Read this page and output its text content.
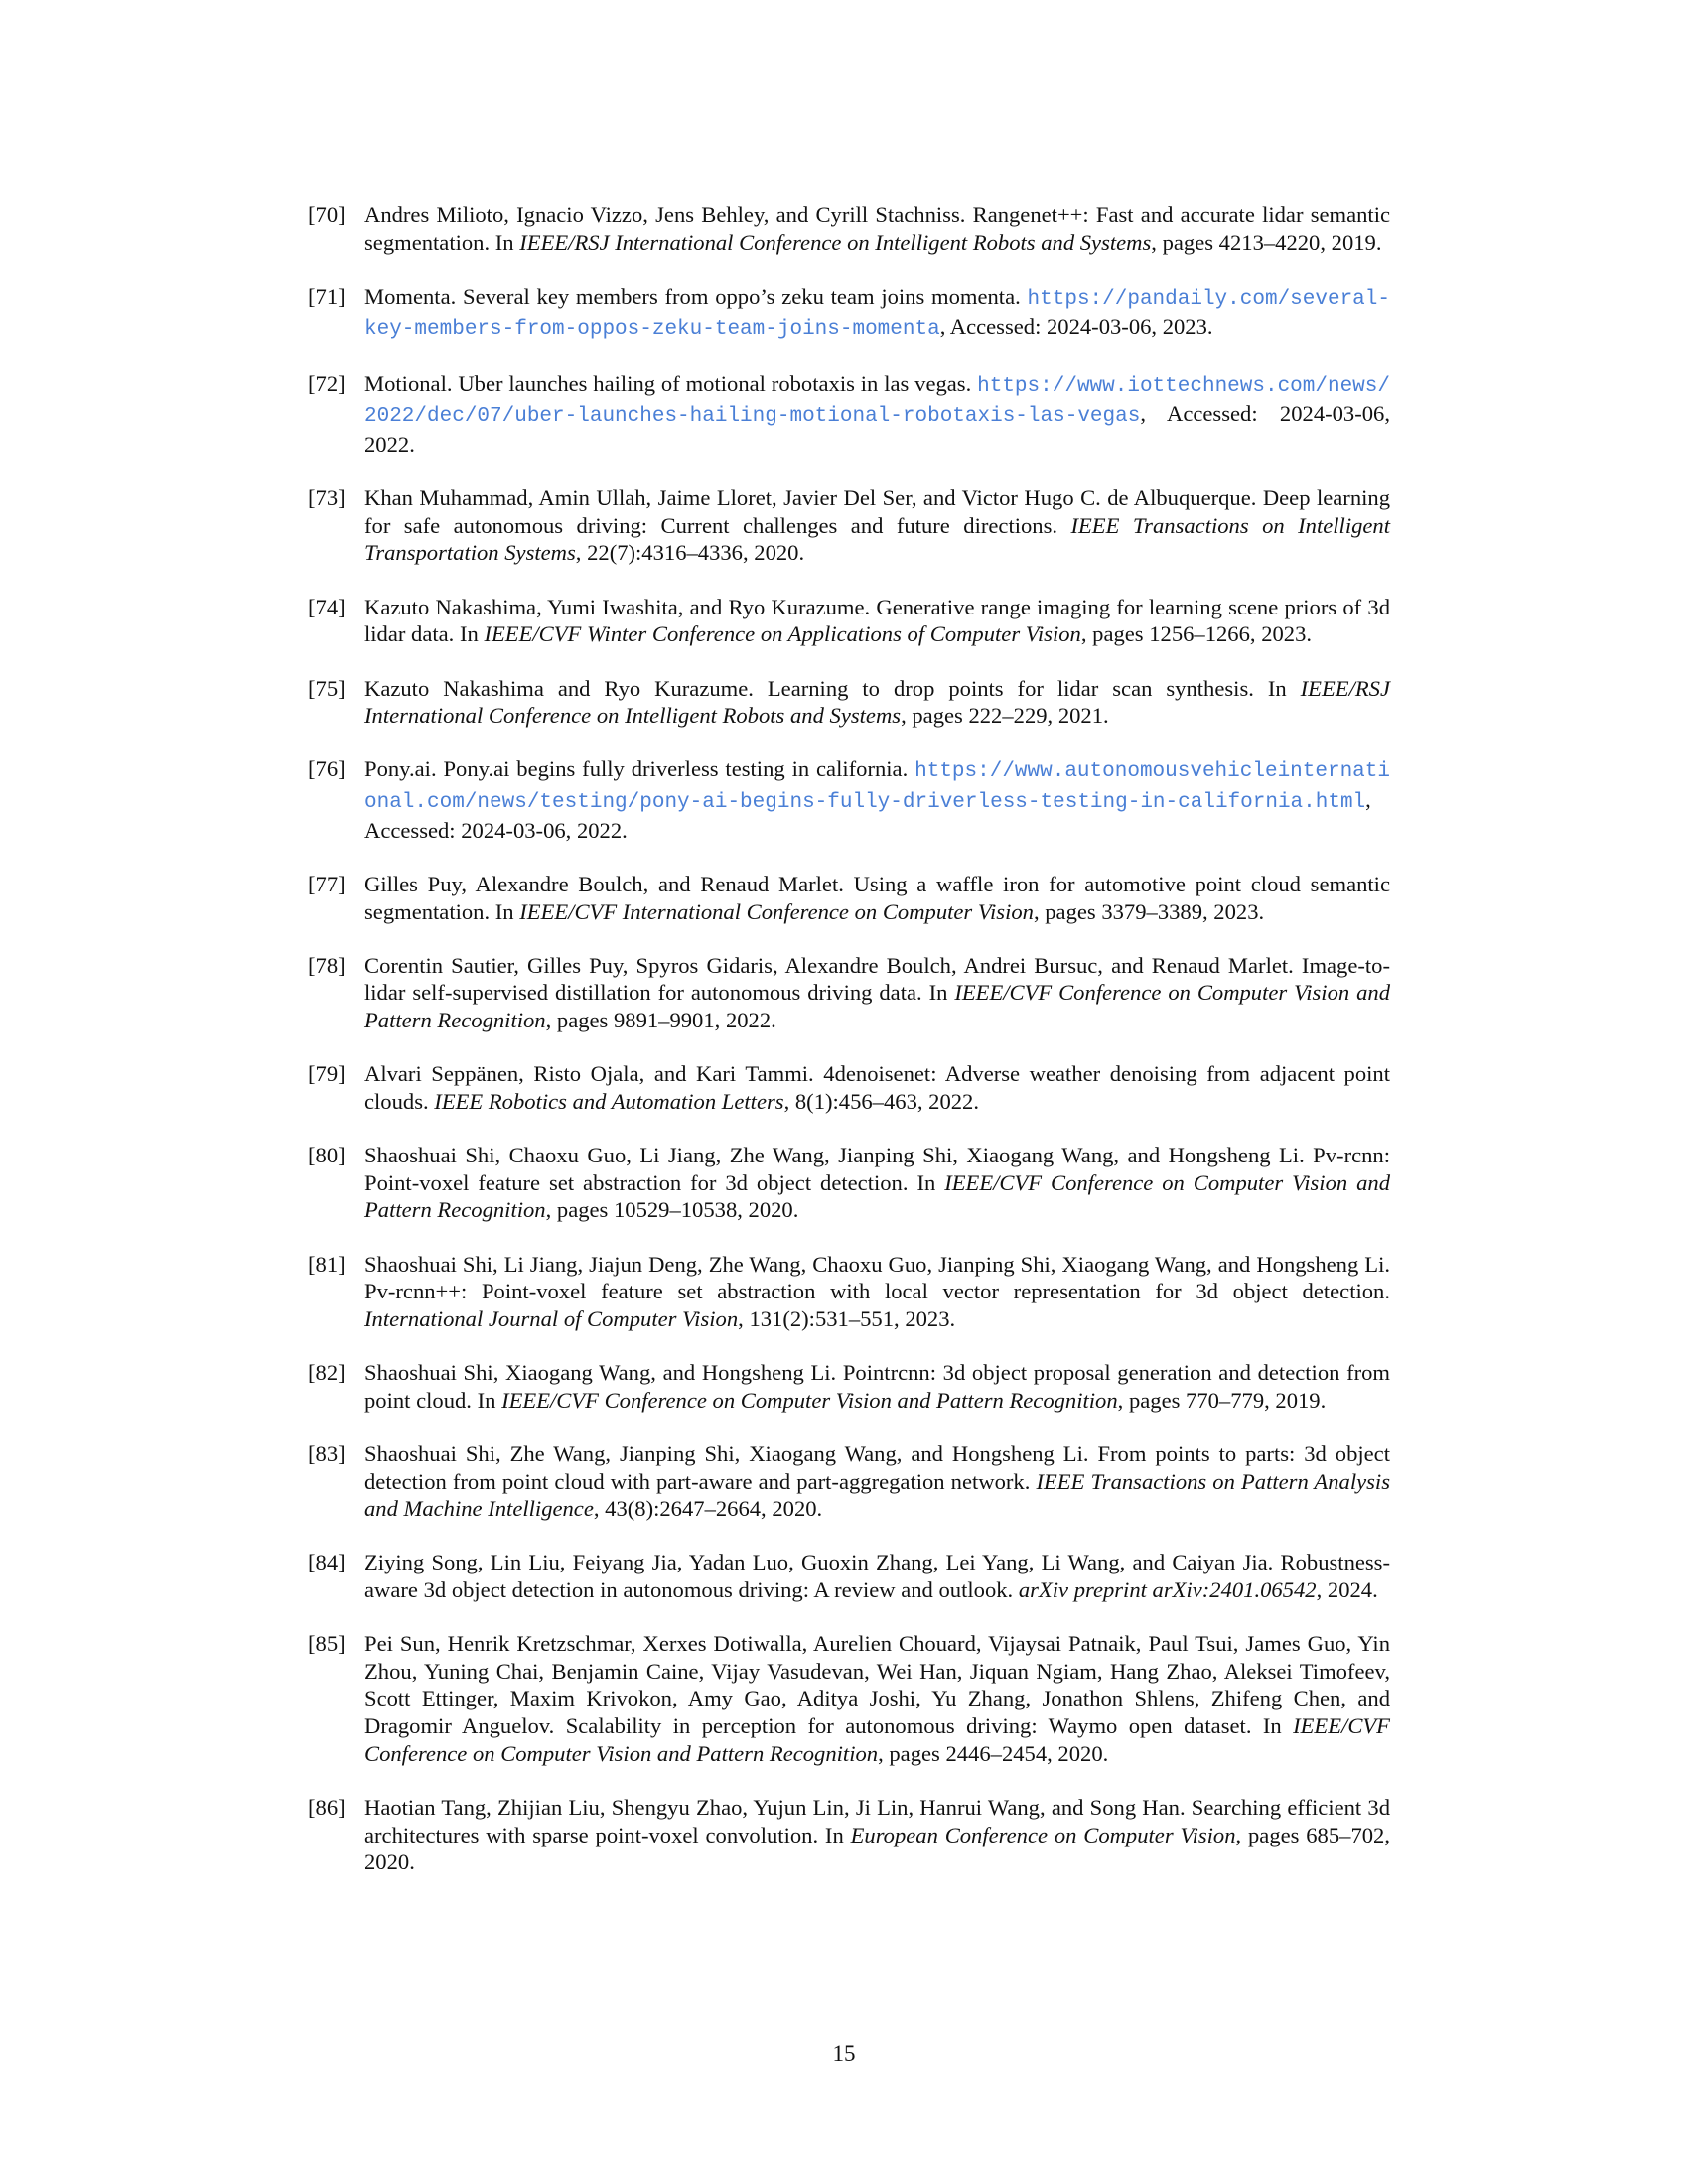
[70] Andres Milioto, Ignacio Vizzo, Jens Behley, and Cyrill Stachniss. Rangenet++: Fast and accurate lidar semantic segmentation. In IEEE/RSJ International Conference on Intelligent Robots and Systems, pages 4213–4220, 2019.
[71] Momenta. Several key members from oppo’s zeku team joins momenta. https://pandaily.com/several-key-members-from-oppos-zeku-team-joins-momenta, Accessed: 2024-03-06, 2023.
[72] Motional. Uber launches hailing of motional robotaxis in las vegas. https://www.iottechnews.com/news/2022/dec/07/uber-launches-hailing-motional-robotaxis-las-vegas, Accessed: 2024-03-06, 2022.
[73] Khan Muhammad, Amin Ullah, Jaime Lloret, Javier Del Ser, and Victor Hugo C. de Albuquerque. Deep learning for safe autonomous driving: Current challenges and future directions. IEEE Transactions on Intelligent Transportation Systems, 22(7):4316–4336, 2020.
[74] Kazuto Nakashima, Yumi Iwashita, and Ryo Kurazume. Generative range imaging for learning scene priors of 3d lidar data. In IEEE/CVF Winter Conference on Applications of Computer Vision, pages 1256–1266, 2023.
[75] Kazuto Nakashima and Ryo Kurazume. Learning to drop points for lidar scan synthesis. In IEEE/RSJ International Conference on Intelligent Robots and Systems, pages 222–229, 2021.
[76] Pony.ai. Pony.ai begins fully driverless testing in california. https://www.autonomousvehicleinternational.com/news/testing/pony-ai-begins-fully-driverless-testing-in-california.html, Accessed: 2024-03-06, 2022.
[77] Gilles Puy, Alexandre Boulch, and Renaud Marlet. Using a waffle iron for automotive point cloud semantic segmentation. In IEEE/CVF International Conference on Computer Vision, pages 3379–3389, 2023.
[78] Corentin Sautier, Gilles Puy, Spyros Gidaris, Alexandre Boulch, Andrei Bursuc, and Renaud Marlet. Image-to-lidar self-supervised distillation for autonomous driving data. In IEEE/CVF Conference on Computer Vision and Pattern Recognition, pages 9891–9901, 2022.
[79] Alvari Seppänen, Risto Ojala, and Kari Tammi. 4denoisenet: Adverse weather denoising from adjacent point clouds. IEEE Robotics and Automation Letters, 8(1):456–463, 2022.
[80] Shaoshuai Shi, Chaoxu Guo, Li Jiang, Zhe Wang, Jianping Shi, Xiaogang Wang, and Hongsheng Li. Pv-rcnn: Point-voxel feature set abstraction for 3d object detection. In IEEE/CVF Conference on Computer Vision and Pattern Recognition, pages 10529–10538, 2020.
[81] Shaoshuai Shi, Li Jiang, Jiajun Deng, Zhe Wang, Chaoxu Guo, Jianping Shi, Xiaogang Wang, and Hongsheng Li. Pv-rcnn++: Point-voxel feature set abstraction with local vector representation for 3d object detection. International Journal of Computer Vision, 131(2):531–551, 2023.
[82] Shaoshuai Shi, Xiaogang Wang, and Hongsheng Li. Pointrcnn: 3d object proposal generation and detection from point cloud. In IEEE/CVF Conference on Computer Vision and Pattern Recognition, pages 770–779, 2019.
[83] Shaoshuai Shi, Zhe Wang, Jianping Shi, Xiaogang Wang, and Hongsheng Li. From points to parts: 3d object detection from point cloud with part-aware and part-aggregation network. IEEE Transactions on Pattern Analysis and Machine Intelligence, 43(8):2647–2664, 2020.
[84] Ziying Song, Lin Liu, Feiyang Jia, Yadan Luo, Guoxin Zhang, Lei Yang, Li Wang, and Caiyan Jia. Robustness-aware 3d object detection in autonomous driving: A review and outlook. arXiv preprint arXiv:2401.06542, 2024.
[85] Pei Sun, Henrik Kretzschmar, Xerxes Dotiwalla, Aurelien Chouard, Vijaysai Patnaik, Paul Tsui, James Guo, Yin Zhou, Yuning Chai, Benjamin Caine, Vijay Vasudevan, Wei Han, Jiquan Ngiam, Hang Zhao, Aleksei Timofeev, Scott Ettinger, Maxim Krivokon, Amy Gao, Aditya Joshi, Yu Zhang, Jonathon Shlens, Zhifeng Chen, and Dragomir Anguelov. Scalability in perception for autonomous driving: Waymo open dataset. In IEEE/CVF Conference on Computer Vision and Pattern Recognition, pages 2446–2454, 2020.
[86] Haotian Tang, Zhijian Liu, Shengyu Zhao, Yujun Lin, Ji Lin, Hanrui Wang, and Song Han. Searching efficient 3d architectures with sparse point-voxel convolution. In European Conference on Computer Vision, pages 685–702, 2020.
15
